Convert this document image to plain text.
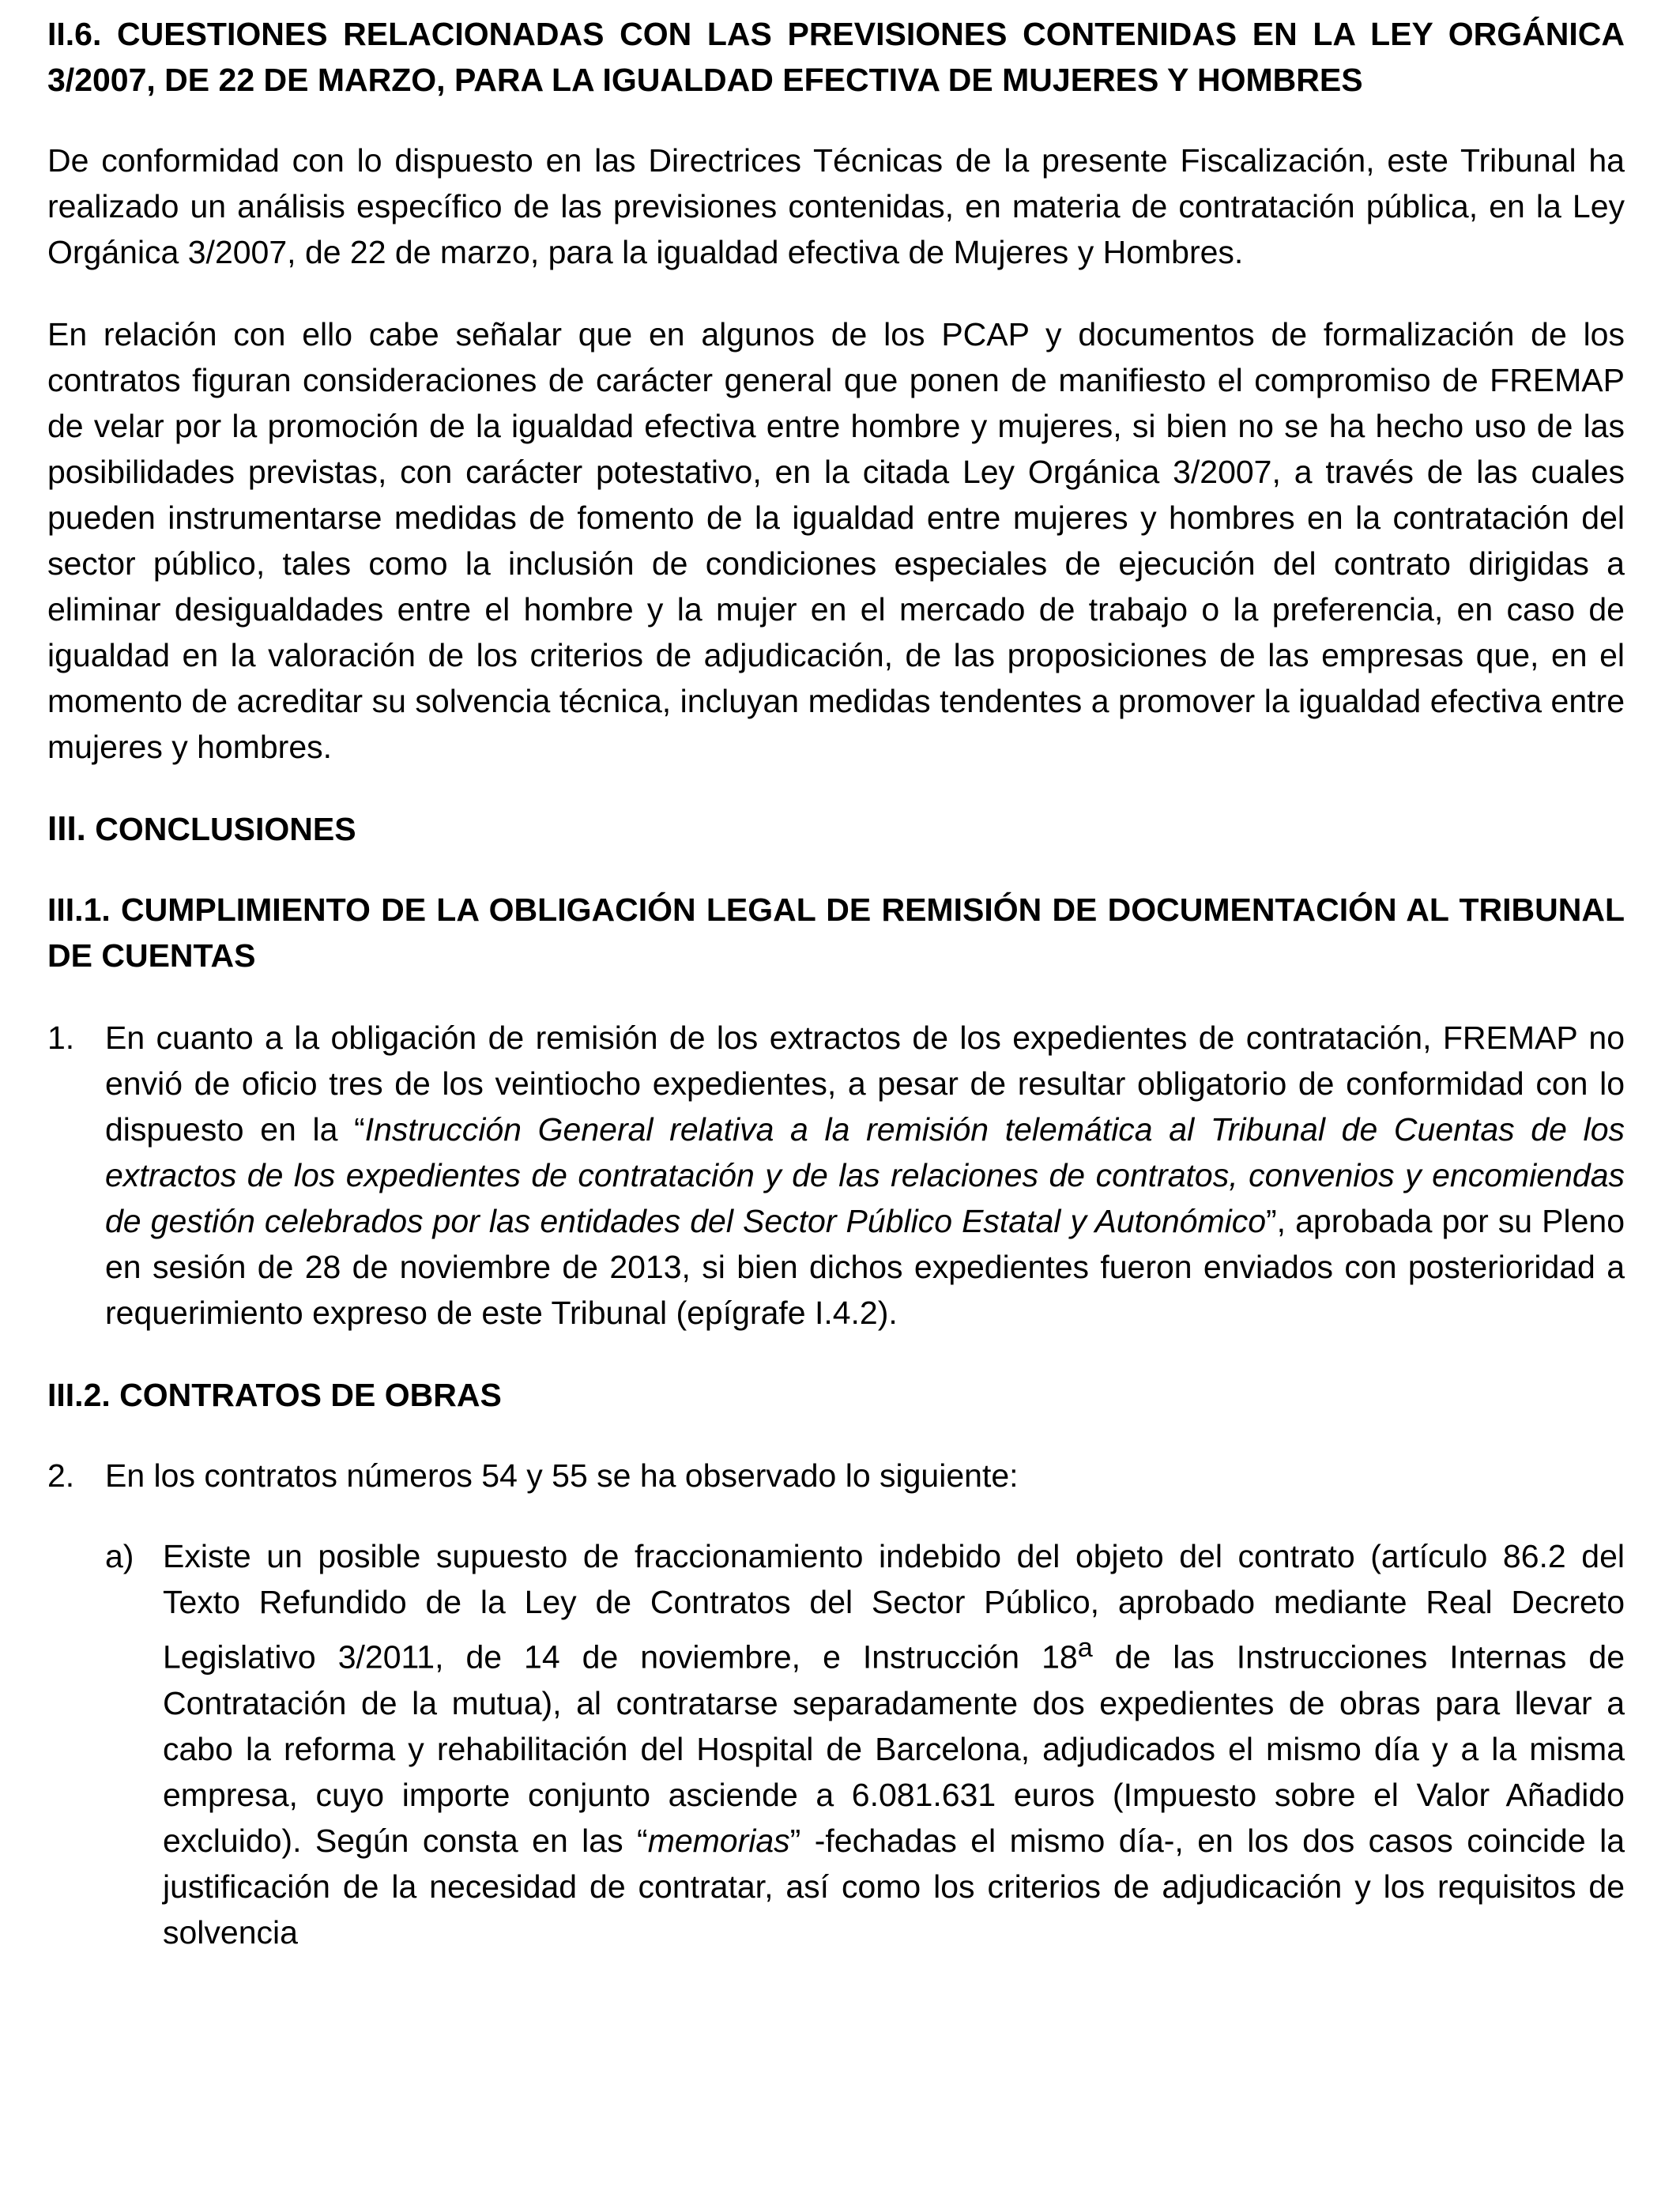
II.6. CUESTIONES RELACIONADAS CON LAS PREVISIONES CONTENIDAS EN LA LEY ORGÁNICA 3/2007, DE 22 DE MARZO, PARA LA IGUALDAD EFECTIVA DE MUJERES Y HOMBRES

De conformidad con lo dispuesto en las Directrices Técnicas de la presente Fiscalización, este Tribunal ha realizado un análisis específico de las previsiones contenidas, en materia de contratación pública, en la Ley Orgánica 3/2007, de 22 de marzo, para la igualdad efectiva de Mujeres y Hombres.

En relación con ello cabe señalar que en algunos de los PCAP y documentos de formalización de los contratos figuran consideraciones de carácter general que ponen de manifiesto el compromiso de FREMAP de velar por la promoción de la igualdad efectiva entre hombre y mujeres, si bien no se ha hecho uso de las posibilidades previstas, con carácter potestativo, en la citada Ley Orgánica 3/2007, a través de las cuales pueden instrumentarse medidas de fomento de la igualdad entre mujeres y hombres en la contratación del sector público, tales como la inclusión de condiciones especiales de ejecución del contrato dirigidas a eliminar desigualdades entre el hombre y la mujer en el mercado de trabajo o la preferencia, en caso de igualdad en la valoración de los criterios de adjudicación, de las proposiciones de las empresas que, en el momento de acreditar su solvencia técnica, incluyan medidas tendentes a promover la igualdad efectiva entre mujeres y hombres.

III. CONCLUSIONES
III.1. CUMPLIMIENTO DE LA OBLIGACIÓN LEGAL DE REMISIÓN DE DOCUMENTACIÓN AL TRIBUNAL DE CUENTAS
1. En cuanto a la obligación de remisión de los extractos de los expedientes de contratación, FREMAP no envió de oficio tres de los veintiocho expedientes, a pesar de resultar obligatorio de conformidad con lo dispuesto en la “Instrucción General relativa a la remisión telemática al Tribunal de Cuentas de los extractos de los expedientes de contratación y de las relaciones de contratos, convenios y encomiendas de gestión celebrados por las entidades del Sector Público Estatal y Autonómico”, aprobada por su Pleno en sesión de 28 de noviembre de 2013, si bien dichos expedientes fueron enviados con posterioridad a requerimiento expreso de este Tribunal (epígrafe I.4.2).
III.2. CONTRATOS DE OBRAS
2. En los contratos números 54 y 55 se ha observado lo siguiente:
a) Existe un posible supuesto de fraccionamiento indebido del objeto del contrato (artículo 86.2 del Texto Refundido de la Ley de Contratos del Sector Público, aprobado mediante Real Decreto Legislativo 3/2011, de 14 de noviembre, e Instrucción 18$^a$ de las Instrucciones Internas de Contratación de la mutua), al contratarse separadamente dos expedientes de obras para llevar a cabo la reforma y rehabilitación del Hospital de Barcelona, adjudicados el mismo día y a la misma empresa, cuyo importe conjunto asciende a 6.081.631 euros (Impuesto sobre el Valor Añadido excluido). Según consta en las “memorias” -fechadas el mismo día-, en los dos casos coincide la justificación de la necesidad de contratar, así como los criterios de adjudicación y los requisitos de solvencia
